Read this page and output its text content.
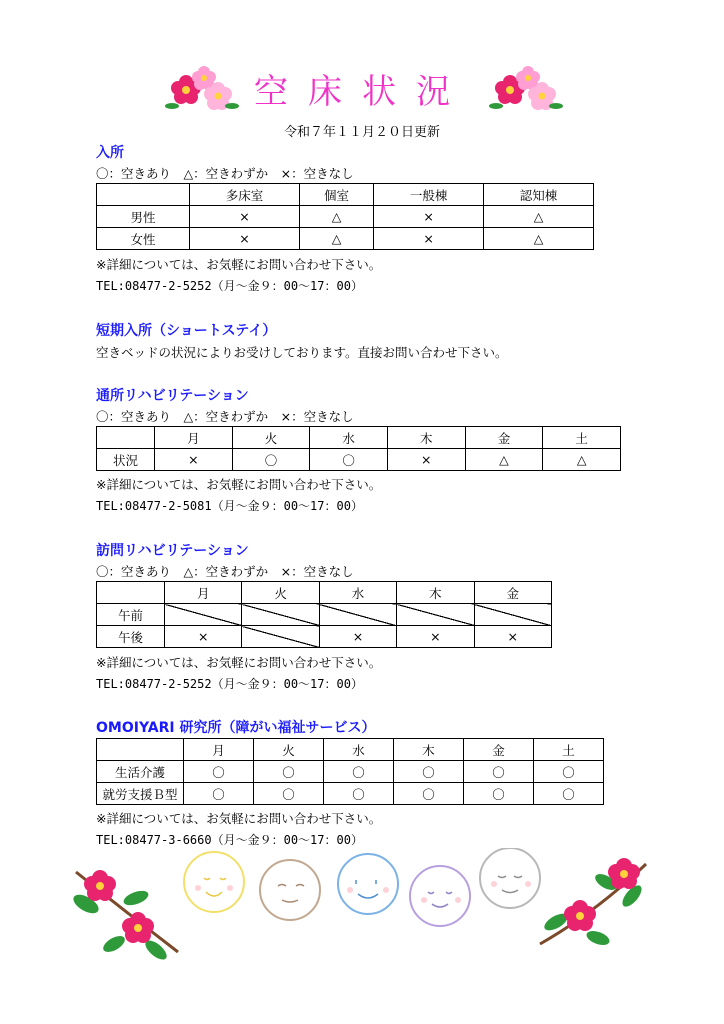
空床状況
令和７年１１月２０日更新
入所
〇：空きあり　△：空きわずか　×：空きなし
	多床室	個室	一般棟	認知棟
男性	×	△	×	△
女性	×	△	×	△
※詳細については、お気軽にお問い合わせ下さい。
TEL:08477-2-5252（月～金９：00～17：00）
短期入所（ショートステイ）
空きベッドの状況によりお受けしております。直接お問い合わせ下さい。
通所リハビリテーション
〇：空きあり　△：空きわずか　×：空きなし
	月	火	水	木	金	土
状況	×	〇	〇	×	△	△
※詳細については、お気軽にお問い合わせ下さい。
TEL:08477-2-5081（月～金９：00～17：00）
訪問リハビリテーション
〇：空きあり　△：空きわずか　×：空きなし
	月	火	水	木	金
午前					
午後	×		×	×	×
※詳細については、お気軽にお問い合わせ下さい。
TEL:08477-2-5252（月～金９：00～17：00）
OMOIYARI 研究所（障がい福祉サービス）
	月	火	水	木	金	土
生活介護	〇	〇	〇	〇	〇	〇
就労支援Ｂ型	〇	〇	〇	〇	〇	〇
※詳細については、お気軽にお問い合わせ下さい。
TEL:08477-3-6660（月～金９：00～17：00）
